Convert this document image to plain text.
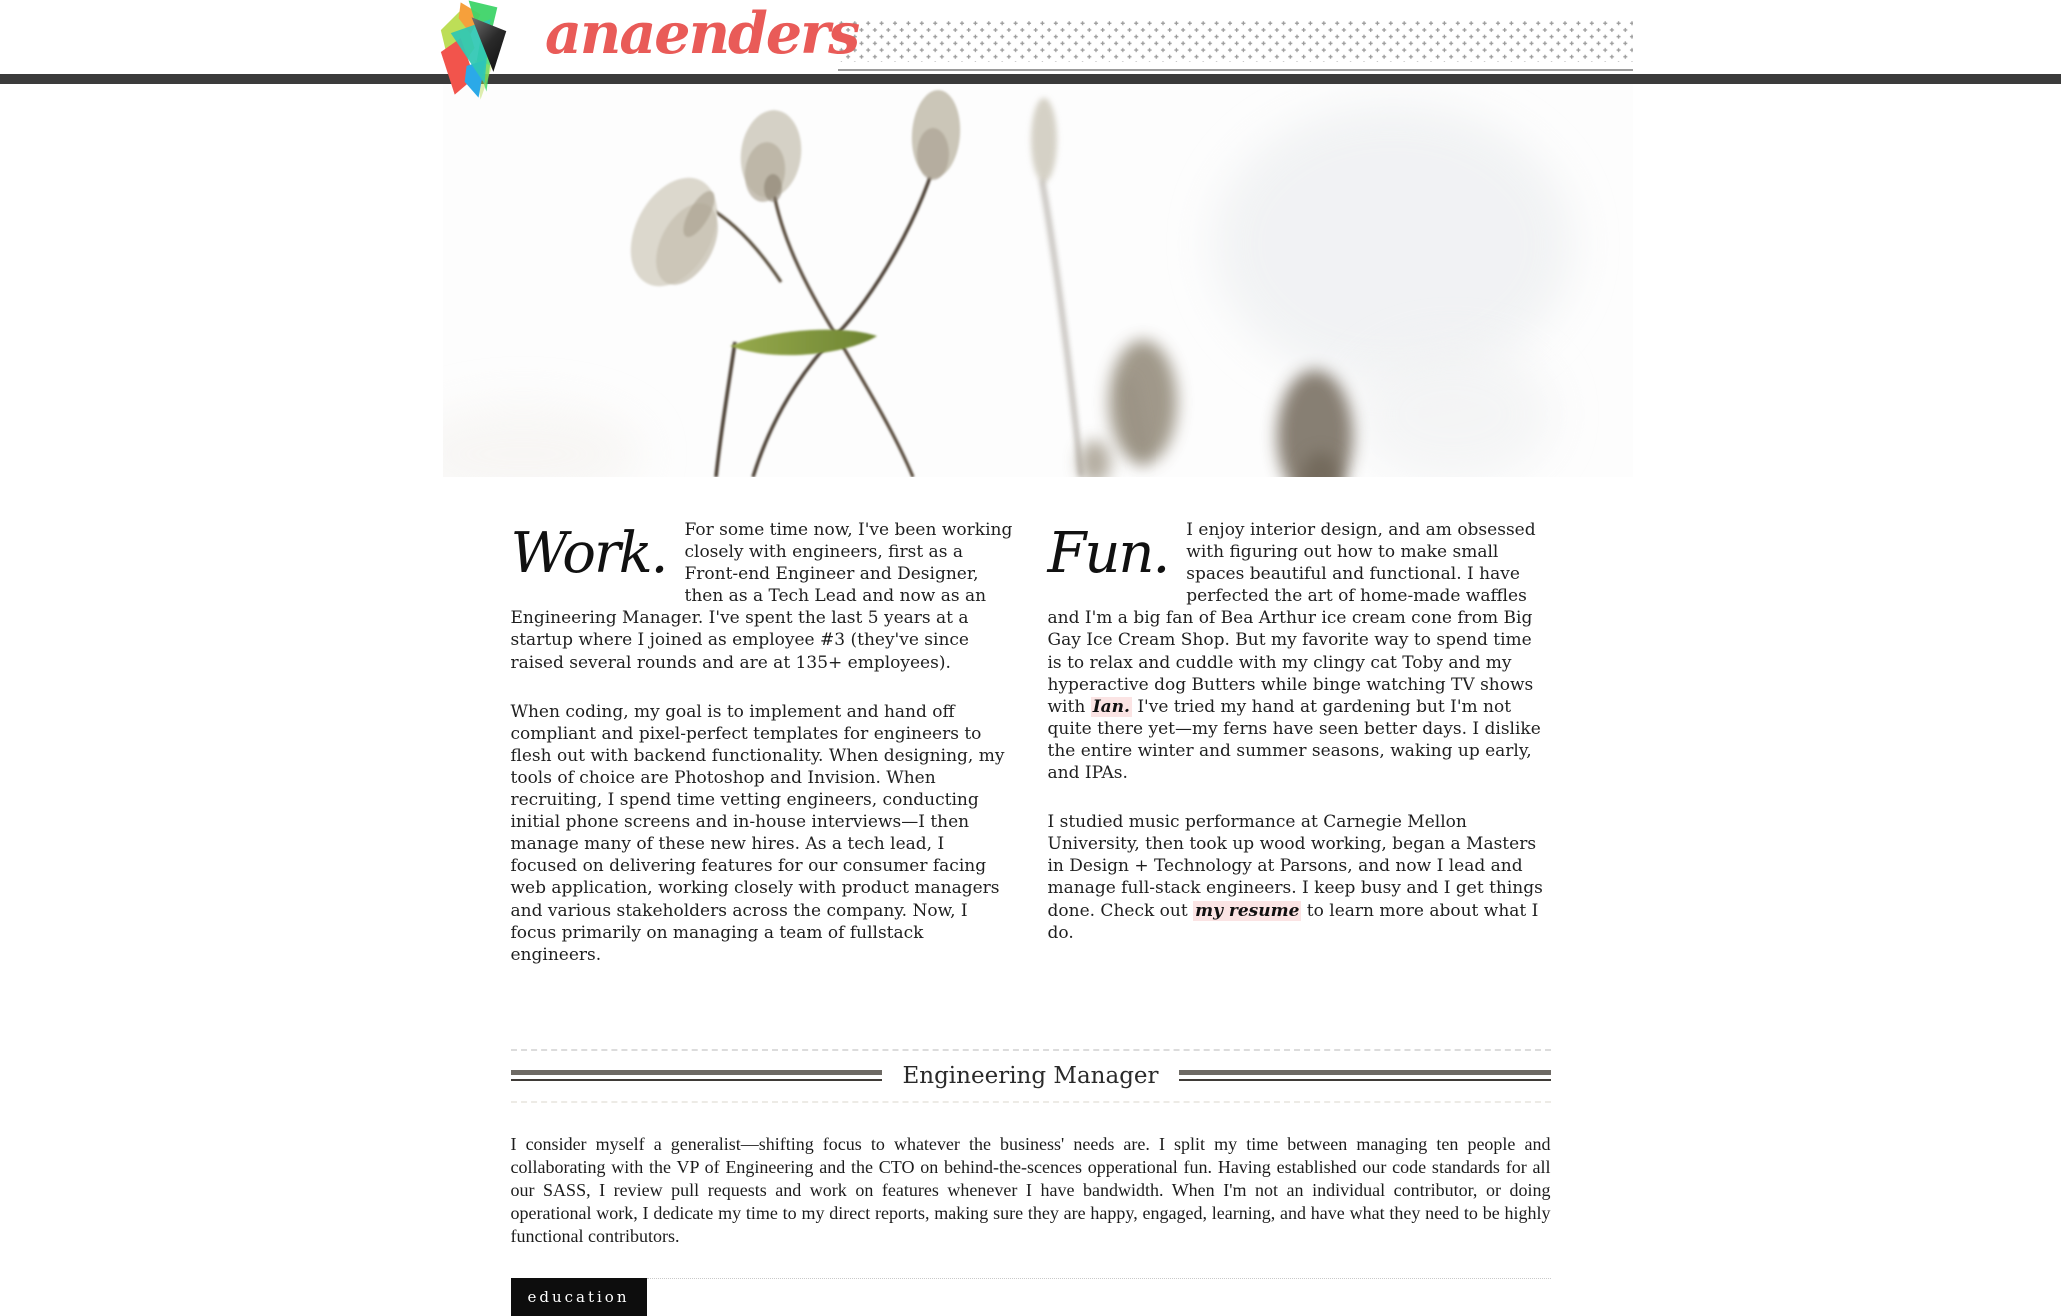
anaenders
Work.	For some time now, I've been working closely with engineers, first as a Front-end Engineer and Designer, then as a Tech Lead and now as an Engineering Manager. I've spent the last 5 years at a startup where I joined as employee #3 (they've since raised several rounds and are at 135+ employees).

When coding, my goal is to implement and hand off compliant and pixel-perfect templates for engineers to flesh out with backend functionality. When designing, my tools of choice are Photoshop and Invision. When recruiting, I spend time vetting engineers, conducting initial phone screens and in-house interviews—I then manage many of these new hires. As a tech lead, I focused on delivering features for our consumer facing web application, working closely with product managers and various stakeholders across the company. Now, I focus primarily on managing a team of fullstack engineers.

Fun.	I enjoy interior design, and am obsessed with figuring out how to make small spaces beautiful and functional. I have perfected the art of home-made waffles and I'm a big fan of Bea Arthur ice cream cone from Big Gay Ice Cream Shop. But my favorite way to spend time is to relax and cuddle with my clingy cat Toby and my hyperactive dog Butters while binge watching TV shows with Ian. I've tried my hand at gardening but I'm not quite there yet—my ferns have seen better days. I dislike the entire winter and summer seasons, waking up early, and IPAs.

I studied music performance at Carnegie Mellon University, then took up wood working, began a Masters in Design + Technology at Parsons, and now I lead and manage full-stack engineers. I keep busy and I get things done. Check out my resume to learn more about what I do.

Engineering Manager

I consider myself a generalist—shifting focus to whatever the business' needs are. I split my time between managing ten people and collaborating with the VP of Engineering and the CTO on behind-the-scences opperational fun. Having established our code standards for all our SASS, I review pull requests and work on features whenever I have bandwidth. When I'm not an individual contributor, or doing operational work, I dedicate my time to my direct reports, making sure they are happy, engaged, learning, and have what they need to be highly functional contributors.

education
